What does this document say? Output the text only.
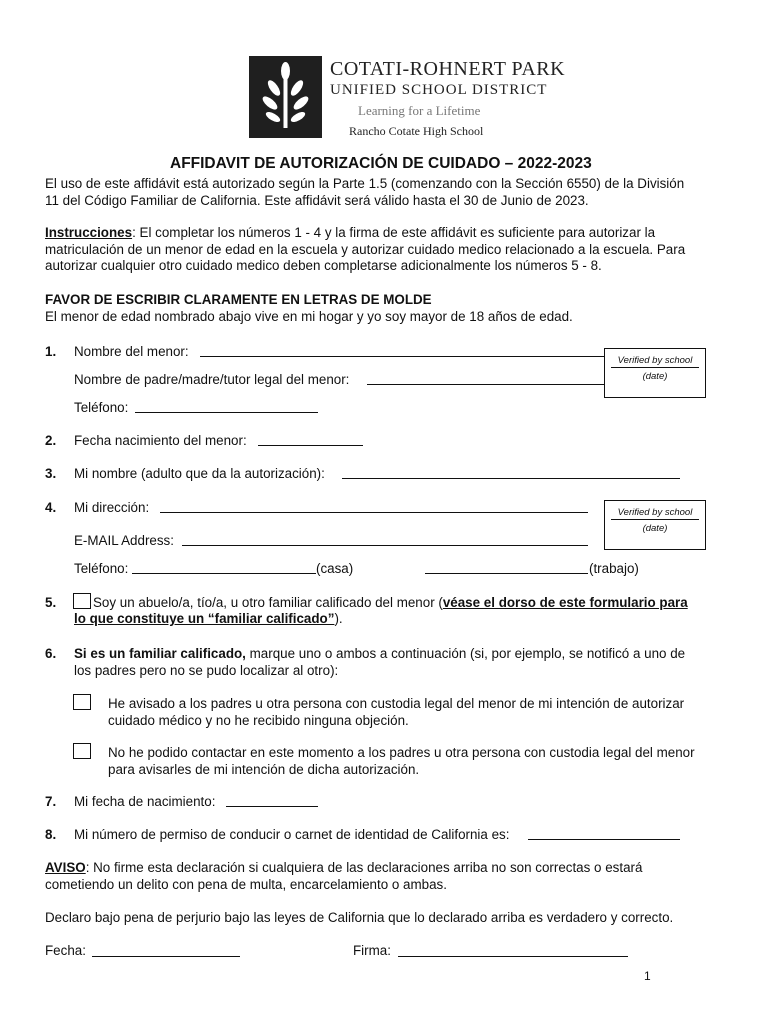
COTATI-ROHNERT PARK
UNIFIED SCHOOL DISTRICT
Learning for a Lifetime
Rancho Cotate High School
AFFIDAVIT DE AUTORIZACIÓN DE CUIDADO – 2022-2023
El uso de este affidávit está autorizado según la Parte 1.5 (comenzando con la Sección 6550) de la División
11 del Código Familiar de California. Este affidávit será válido hasta el 30 de Junio de 2023.
Instrucciones: El completar los números 1 - 4 y la firma de este affidávit es suficiente para autorizar la
matriculación de un menor de edad en la escuela y autorizar cuidado medico relacionado a la escuela. Para
autorizar cualquier otro cuidado medico deben completarse adicionalmente los números 5 - 8.
FAVOR DE ESCRIBIR CLARAMENTE EN LETRAS DE MOLDE
El menor de edad nombrado abajo vive en mi hogar y yo soy mayor de 18 años de edad.
1. Nombre del menor:
Verified by school
(date)
Nombre de padre/madre/tutor legal del menor:
Teléfono:
2. Fecha nacimiento del menor:
3. Mi nombre (adulto que da la autorización):
4. Mi dirección:	Verified by school
(date)
E-MAIL Address:
Teléfono:	(casa)	(trabajo)
5.	Soy un abuelo/a, tío/a, u otro familiar calificado del menor (véase el dorso de este formulario para
lo que constituye un “familiar calificado”).
6. Si es un familiar calificado, marque uno o ambos a continuación (si, por ejemplo, se notificó a uno de
los padres pero no se pudo localizar al otro):
He avisado a los padres u otra persona con custodia legal del menor de mi intención de autorizar
cuidado médico y no he recibido ninguna objeción.
No he podido contactar en este momento a los padres u otra persona con custodia legal del menor
para avisarles de mi intención de dicha autorización.
7. Mi fecha de nacimiento:
8. Mi número de permiso de conducir o carnet de identidad de California es:
AVISO: No firme esta declaración si cualquiera de las declaraciones arriba no son correctas o estará
cometiendo un delito con pena de multa, encarcelamiento o ambas.
Declaro bajo pena de perjurio bajo las leyes de California que lo declarado arriba es verdadero y correcto.
Fecha:	Firma:
1
